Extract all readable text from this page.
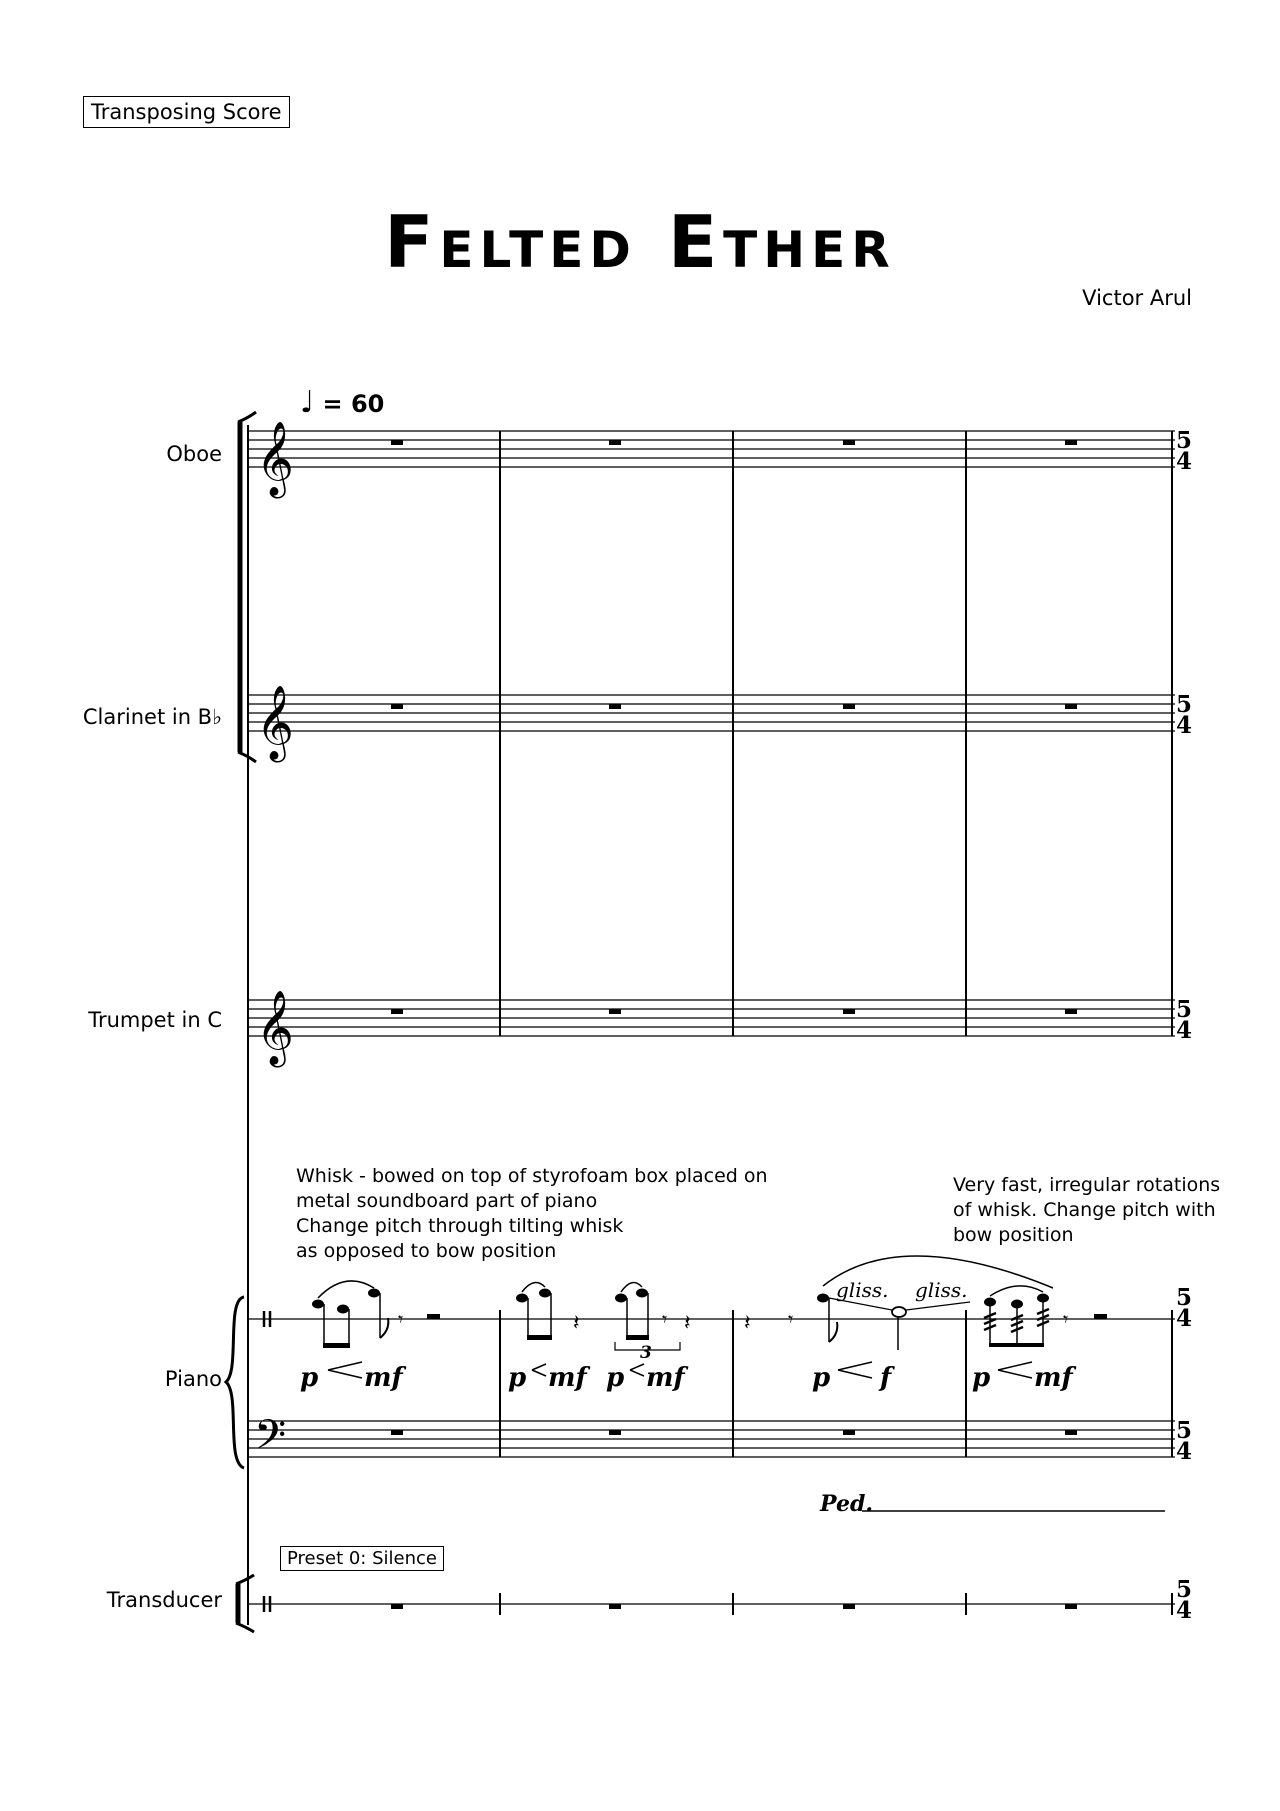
Transposing Score
Felted Ether
Victor Arul
♩ = 60
Oboe
Clarinet in B♭
Trumpet in C
Piano
Transducer
Whisk - bowed on top of styrofoam box placed on
metal soundboard part of piano
Change pitch through tilting whisk
as opposed to bow position
Very fast, irregular rotations
of whisk. Change pitch with
bow position
Preset 0: Silence
𝄞
𝄞
𝄞
𝄢
5
4
5
4
5
4
5
4
5
4
5
4
𝄾	𝄽	𝄾 𝄽
3
𝄽 𝄾	𝄾
gliss. gliss.
p mf	p mf p mf	p f	p mf
Ped.
